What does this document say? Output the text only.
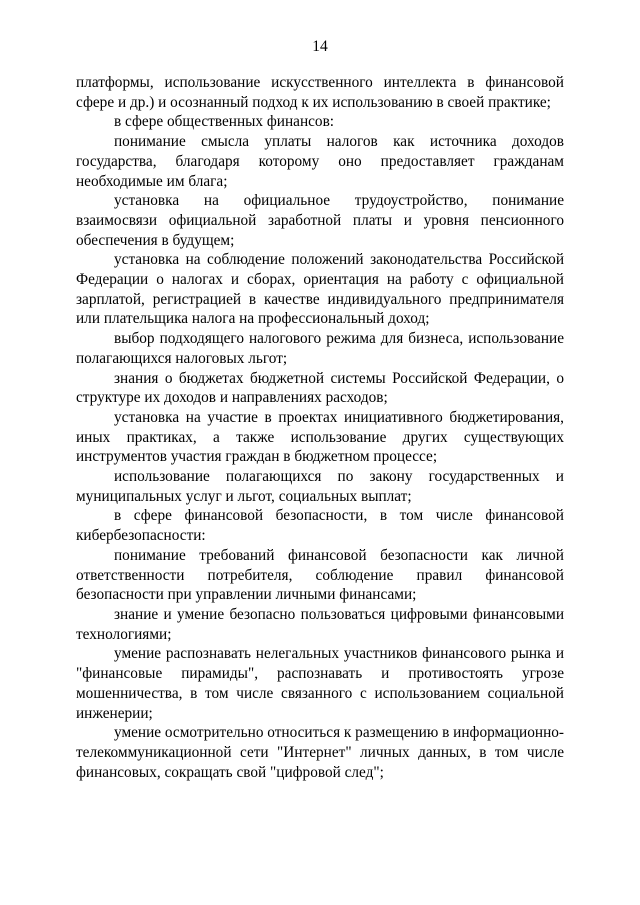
14

платформы, использование искусственного интеллекта в финансовой сфере и др.) и осознанный подход к их использованию в своей практике;

в сфере общественных финансов:

понимание смысла уплаты налогов как источника доходов государства, благодаря которому оно предоставляет гражданам необходимые им блага;

установка на официальное трудоустройство, понимание взаимосвязи официальной заработной платы и уровня пенсионного обеспечения в будущем;

установка на соблюдение положений законодательства Российской Федерации о налогах и сборах, ориентация на работу с официальной зарплатой, регистрацией в качестве индивидуального предпринимателя или плательщика налога на профессиональный доход;

выбор подходящего налогового режима для бизнеса, использование полагающихся налоговых льгот;

знания о бюджетах бюджетной системы Российской Федерации, о структуре их доходов и направлениях расходов;

установка на участие в проектах инициативного бюджетирования, иных практиках, а также использование других существующих инструментов участия граждан в бюджетном процессе;

использование полагающихся по закону государственных и муниципальных услуг и льгот, социальных выплат;

в сфере финансовой безопасности, в том числе финансовой кибербезопасности:

понимание требований финансовой безопасности как личной ответственности потребителя, соблюдение правил финансовой безопасности при управлении личными финансами;

знание и умение безопасно пользоваться цифровыми финансовыми технологиями;

умение распознавать нелегальных участников финансового рынка и "финансовые пирамиды", распознавать и противостоять угрозе мошенничества, в том числе связанного с использованием социальной инженерии;

умение осмотрительно относиться к размещению в информационно-телекоммуникационной сети "Интернет" личных данных, в том числе финансовых, сокращать свой "цифровой след";
